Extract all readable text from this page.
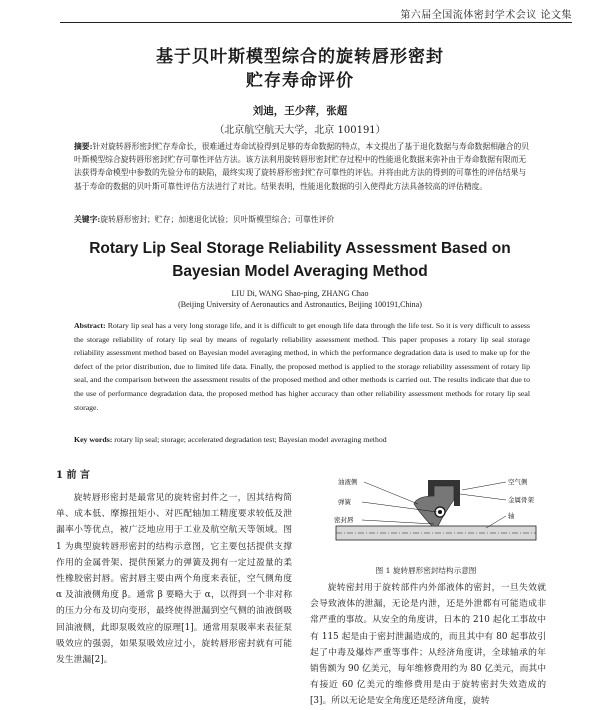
第六届全国流体密封学术会议 论文集
基于贝叶斯模型综合的旋转唇形密封
贮存寿命评价
刘迪，王少萍，张超
（北京航空航天大学，北京 100191）
摘要:针对旋转唇形密封贮存寿命长，很难通过寿命试验得到足够的寿命数据的特点，本文提出了基于退化数据与寿命数据相融合的贝叶斯模型综合旋转唇形密封贮存可靠性评估方法。该方法利用旋转唇形密封贮存过程中的性能退化数据来弥补由于寿命数据有限而无法获得寿命模型中参数的先验分布的缺陷，最终实现了旋转唇形密封贮存可靠性的评估。并将由此方法的得到的可靠性的评估结果与基于寿命的数据的贝叶斯可靠性评估方法进行了对比。结果表明，性能退化数据的引入使得此方法具备较高的评估精度。
关键字:旋转唇形密封；贮存；加速退化试验；贝叶斯模型综合；可靠性评价
Rotary Lip Seal Storage Reliability Assessment Based on
Bayesian Model Averaging Method
LIU Di, WANG Shao-ping, ZHANG Chao
(Beijing University of Aeronautics and Astronautics, Beijing 100191,China)
Abstract: Rotary lip seal has a very long storage life, and it is difficult to get enough life data through the life test. So it is very difficult to assess the storage reliability of rotary lip seal by means of regularly reliability assessment method. This paper proposes a rotary lip seal storage reliability assessment method based on Bayesian model averaging method, in which the performance degradation data is used to make up for the defect of the prior distribution, due to limited life data. Finally, the proposed method is applied to the storage reliability assessment of rotary lip seal, and the comparison between the assessment results of the proposed method and other methods is carried out. The results indicate that due to the use of performance degradation data, the proposed method has higher accuracy than other reliability assessment methods for rotary lip seal storage.
Key words: rotary lip seal; storage; accelerated degradation test; Bayesian model averaging method
1 前 言

旋转唇形密封是最常见的旋转密封件之一，因其结构简单、成本低、摩擦扭矩小、对匹配轴加工精度要求较低及泄漏率小等优点，被广泛地应用于工业及航空航天等领域。图 1 为典型旋转唇形密封的结构示意图，它主要包括提供支撑作用的金属骨架、提供预紧力的弹簧及拥有一定过盈量的柔性橡胶密封唇。密封唇主要由两个角度来表征，空气侧角度 α 及油液侧角度 β。通常 β 要略大于 α，以得到一个非对称的压力分布及切向变形，最终使得泄漏到空气侧的油液倒吸回油液侧，此即泵吸效应的原理[1]。通常用泵吸率来表征泵吸效应的强弱，如果泵吸效应过小，旋转唇形密封就有可能发生泄漏[2]。

油液侧
弹簧
密封唇
空气侧
金属骨架
轴
图 1 旋转唇形密封结构示意图

旋转密封用于旋转部件内外部液体的密封，一旦失效就会导致液体的泄漏，无论是内泄，还是外泄都有可能造成非常严重的事故。从安全的角度讲，日本的 210 起化工事故中有 115 起是由于密封泄漏造成的，而且其中有 80 起事故引起了中毒及爆炸严重等事件；从经济角度讲，全球轴承的年销售额为 90 亿美元，每年维修费用约为 80 亿美元，而其中有接近 60 亿美元的维修费用是由于旋转密封失效造成的[3]。所以无论是安全角度还是经济角度，旋转
